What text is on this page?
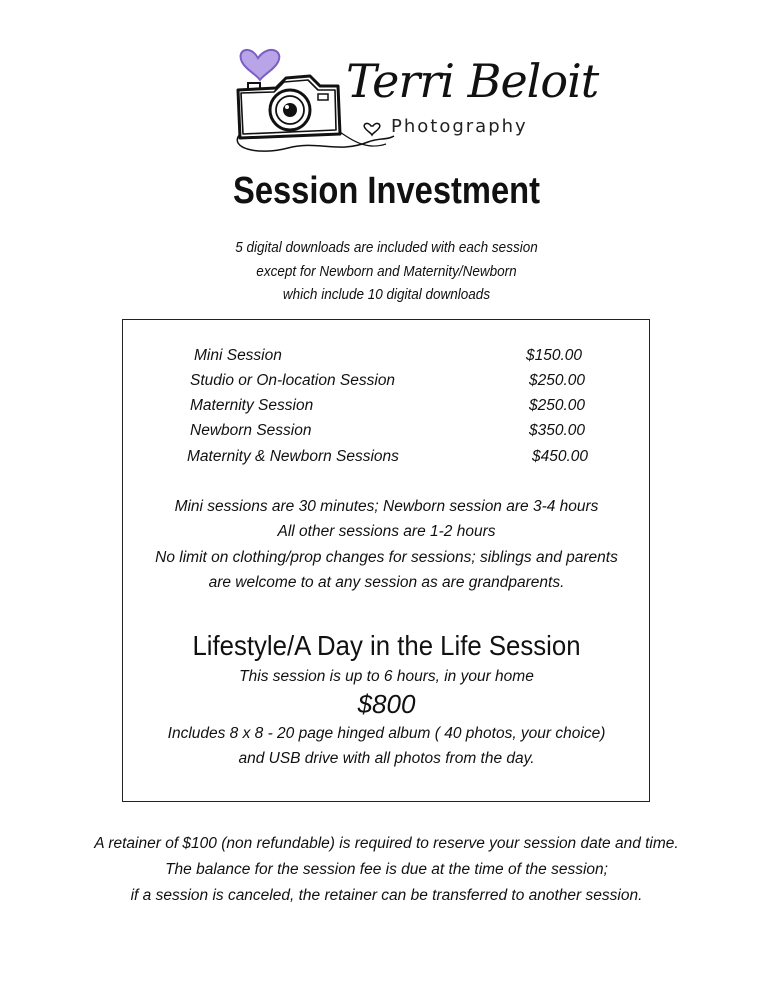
Terri Beloit
Photography
Session Investment
5 digital downloads are included with each session
except for Newborn and Maternity/Newborn
which include 10 digital downloads
Mini Session	$150.00
Studio or On-location Session	$250.00
Maternity Session	$250.00
Newborn Session	$350.00
Maternity & Newborn Sessions	$450.00
Mini sessions are 30 minutes; Newborn session are 3-4 hours
All other sessions are 1-2 hours
No limit on clothing/prop changes for sessions; siblings and parents
are welcome to at any session as are grandparents.
Lifestyle/A Day in the Life Session
This session is up to 6 hours, in your home
$800
Includes 8 x 8 - 20 page hinged album ( 40 photos, your choice)
and USB drive with all photos from the day.
A retainer of $100 (non refundable) is required to reserve your session date and time.
The balance for the session fee is due at the time of the session;
if a session is canceled, the retainer can be transferred to another session.
